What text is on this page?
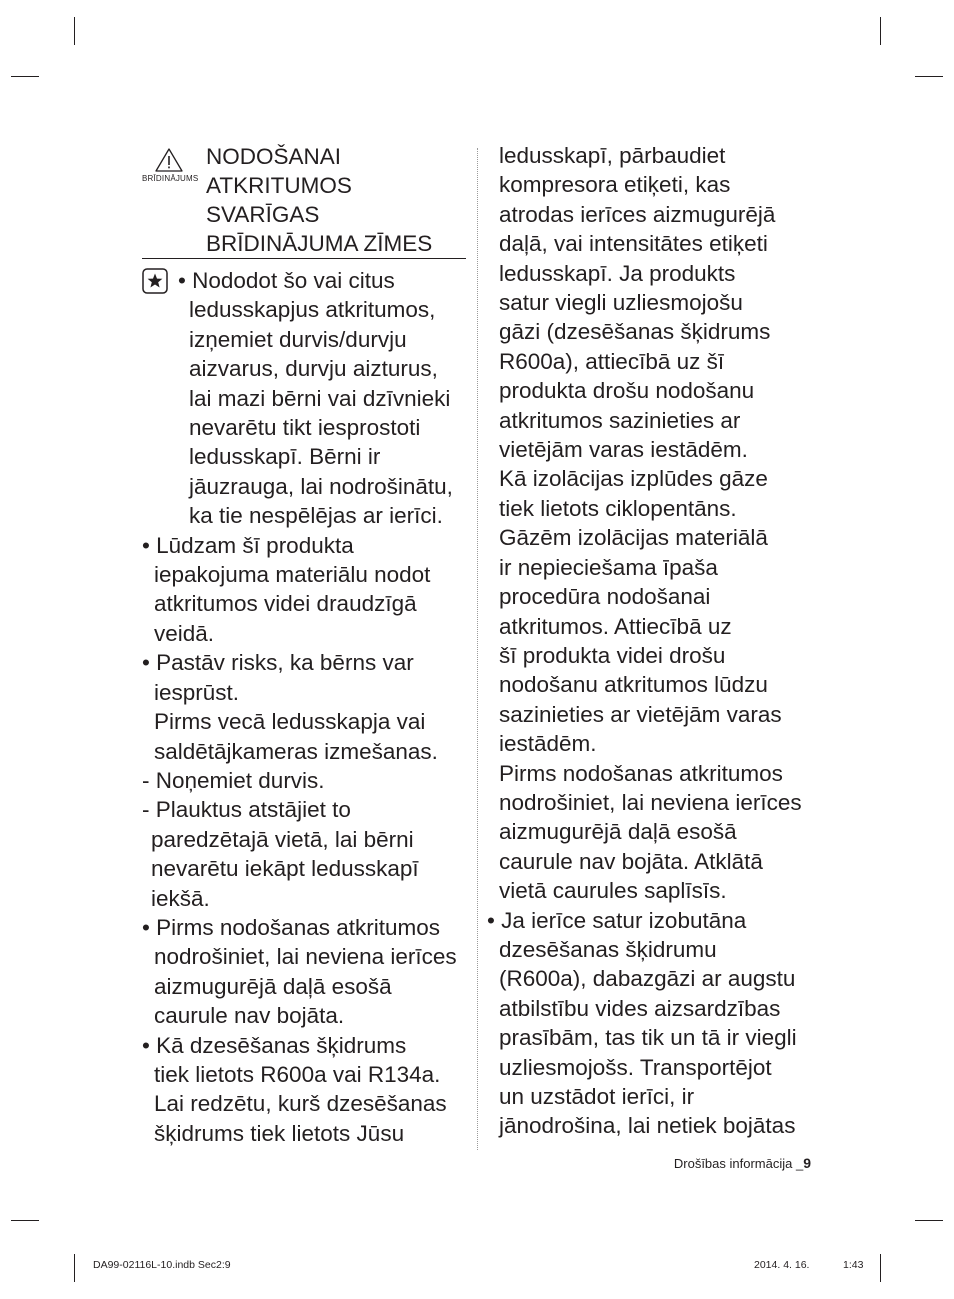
BRĪDINĀJUMS
NODOŠANAI
ATKRITUMOS
SVARĪGAS
BRĪDINĀJUMA ZĪMES
• Nododot šo vai citus
ledusskapjus atkritumos,
izņemiet durvis/durvju
aizvarus, durvju aizturus,
lai mazi bērni vai dzīvnieki
nevarētu tikt iesprostoti
ledusskapī. Bērni ir
jāuzrauga, lai nodrošinātu,
ka tie nespēlējas ar ierīci.
• Lūdzam šī produkta
iepakojuma materiālu nodot
atkritumos videi draudzīgā
veidā.
• Pastāv risks, ka bērns var
iesprūst.
Pirms vecā ledusskapja vai
saldētājkameras izmešanas.
- Noņemiet durvis.
- Plauktus atstājiet to
paredzētajā vietā, lai bērni
nevarētu iekāpt ledusskapī
iekšā.
• Pirms nodošanas atkritumos
nodrošiniet, lai neviena ierīces
aizmugurējā daļā esošā
caurule nav bojāta.
• Kā dzesēšanas šķidrums
tiek lietots R600a vai R134a.
Lai redzētu, kurš dzesēšanas
šķidrums tiek lietots Jūsu
ledusskapī, pārbaudiet
kompresora etiķeti, kas
atrodas ierīces aizmugurējā
daļā, vai intensitātes etiķeti
ledusskapī. Ja produkts
satur viegli uzliesmojošu
gāzi (dzesēšanas šķidrums
R600a), attiecībā uz šī
produkta drošu nodošanu
atkritumos sazinieties ar
vietējām varas iestādēm.
Kā izolācijas izplūdes gāze
tiek lietots ciklopentāns.
Gāzēm izolācijas materiālā
ir nepieciešama īpaša
procedūra nodošanai
atkritumos. Attiecībā uz
šī produkta videi drošu
nodošanu atkritumos lūdzu
sazinieties ar vietējām varas
iestādēm.
Pirms nodošanas atkritumos
nodrošiniet, lai neviena ierīces
aizmugurējā daļā esošā
caurule nav bojāta. Atklātā
vietā caurules saplīsīs.
• Ja ierīce satur izobutāna
dzesēšanas šķidrumu
(R600a), dabazgāzi ar augstu
atbilstību vides aizsardzības
prasībām, tas tik un tā ir viegli
uzliesmojošs. Transportējot
un uzstādot ierīci, ir
jānodrošina, lai netiek bojātas
Drošības informācija _9
DA99-02116L-10.indb Sec2:9	2014. 4. 16.	1:43
